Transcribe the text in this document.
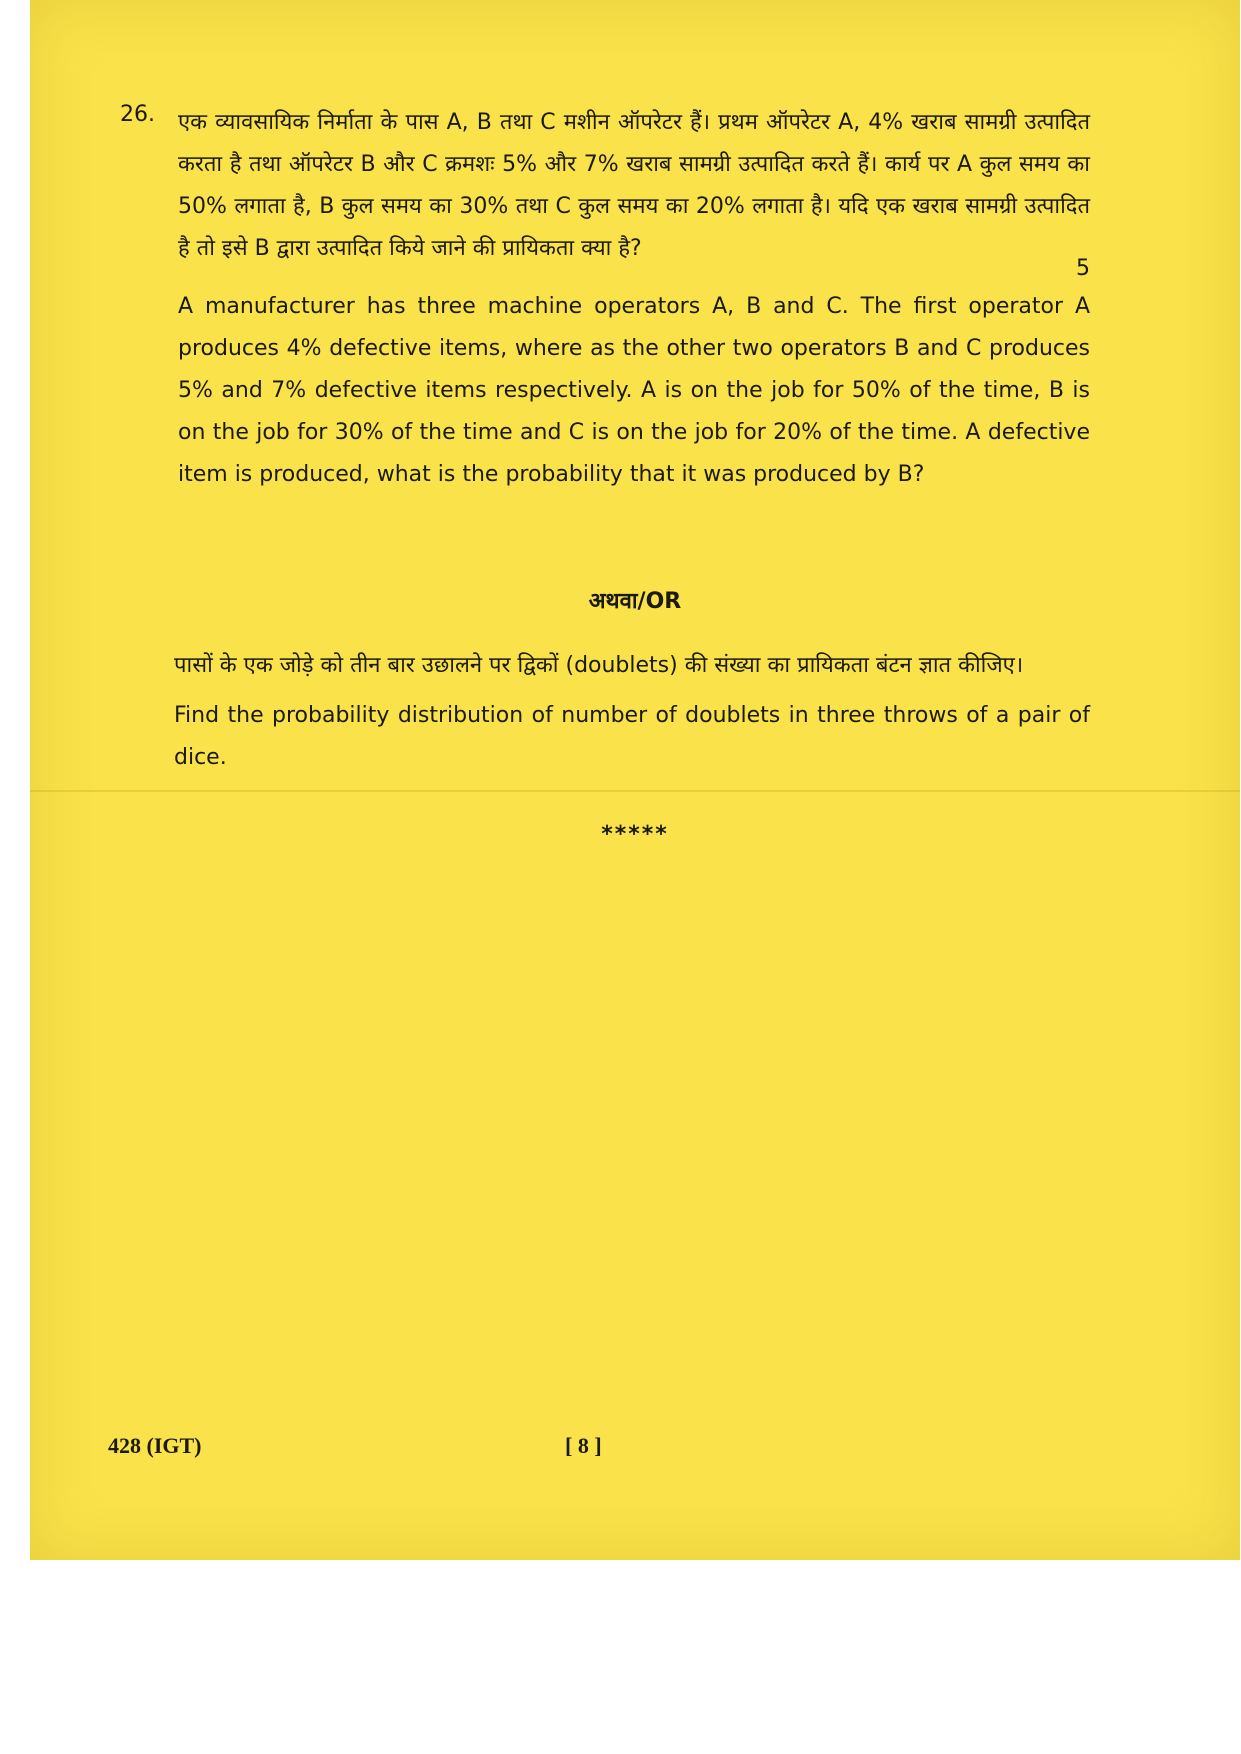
26. एक व्यावसायिक निर्माता के पास A, B तथा C मशीन ऑपरेटर हैं। प्रथम ऑपरेटर A, 4% खराब सामग्री उत्पादित करता है तथा ऑपरेटर B और C क्रमशः 5% और 7% खराब सामग्री उत्पादित करते हैं। कार्य पर A कुल समय का 50% लगाता है, B कुल समय का 30% तथा C कुल समय का 20% लगाता है। यदि एक खराब सामग्री उत्पादित है तो इसे B द्वारा उत्पादित किये जाने की प्रायिकता क्या है?

5

A manufacturer has three machine operators A, B and C. The first operator A produces 4% defective items, where as the other two operators B and C produces 5% and 7% defective items respectively. A is on the job for 50% of the time, B is on the job for 30% of the time and C is on the job for 20% of the time. A defective item is produced, what is the probability that it was produced by B?

अथवा/OR

पासों के एक जोड़े को तीन बार उछालने पर द्विकों (doublets) की संख्या का प्रायिकता बंटन ज्ञात कीजिए।

Find the probability distribution of number of doublets in three throws of a pair of dice.

*****
428 (IGT)	[ 8 ]
